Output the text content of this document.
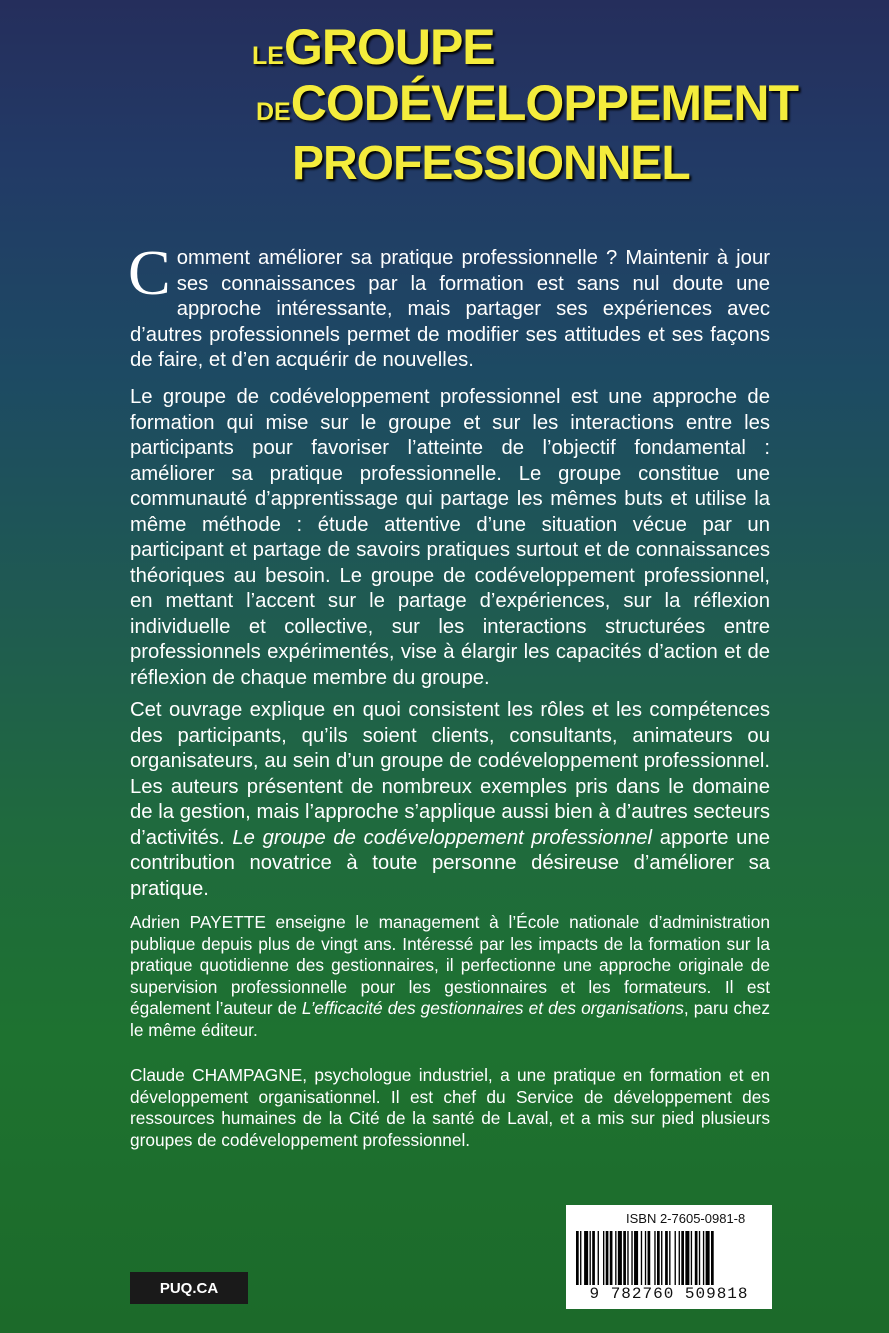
LEGROUPE
DECODÉVELOPPEMENT
PROFESSIONNEL
Comment améliorer sa pratique professionnelle ? Maintenir à jour ses connaissances par la formation est sans nul doute une approche intéressante, mais partager ses expériences avec d’autres professionnels permet de modifier ses attitudes et ses façons de faire, et d’en acquérir de nouvelles.
Le groupe de codéveloppement professionnel est une approche de formation qui mise sur le groupe et sur les interactions entre les participants pour favoriser l’atteinte de l’objectif fondamental : améliorer sa pratique professionnelle. Le groupe constitue une communauté d’apprentissage qui partage les mêmes buts et utilise la même méthode : étude attentive d’une situation vécue par un participant et partage de savoirs pratiques surtout et de connaissances théoriques au besoin. Le groupe de codéveloppement professionnel, en mettant l’accent sur le partage d’expériences, sur la réflexion individuelle et collective, sur les interactions structurées entre professionnels expérimentés, vise à élargir les capacités d’action et de réflexion de chaque membre du groupe.
Cet ouvrage explique en quoi consistent les rôles et les compétences des participants, qu’ils soient clients, consultants, animateurs ou organisateurs, au sein d’un groupe de codéveloppement professionnel. Les auteurs présentent de nombreux exemples pris dans le domaine de la gestion, mais l’approche s’applique aussi bien à d’autres secteurs d’activités. Le groupe de codéveloppement professionnel apporte une contribution novatrice à toute personne désireuse d’améliorer sa pratique.
Adrien PAYETTE enseigne le management à l’École nationale d’administration publique depuis plus de vingt ans. Intéressé par les impacts de la formation sur la pratique quotidienne des gestionnaires, il perfectionne une approche originale de supervision professionnelle pour les gestionnaires et les formateurs. Il est également l’auteur de L’efficacité des gestionnaires et des organisations, paru chez le même éditeur.
Claude CHAMPAGNE, psychologue industriel, a une pratique en formation et en développement organisationnel. Il est chef du Service de développement des ressources humaines de la Cité de la santé de Laval, et a mis sur pied plusieurs groupes de codéveloppement professionnel.
PUQ.CA
ISBN 2-7605-0981-8
9 782760 509818
